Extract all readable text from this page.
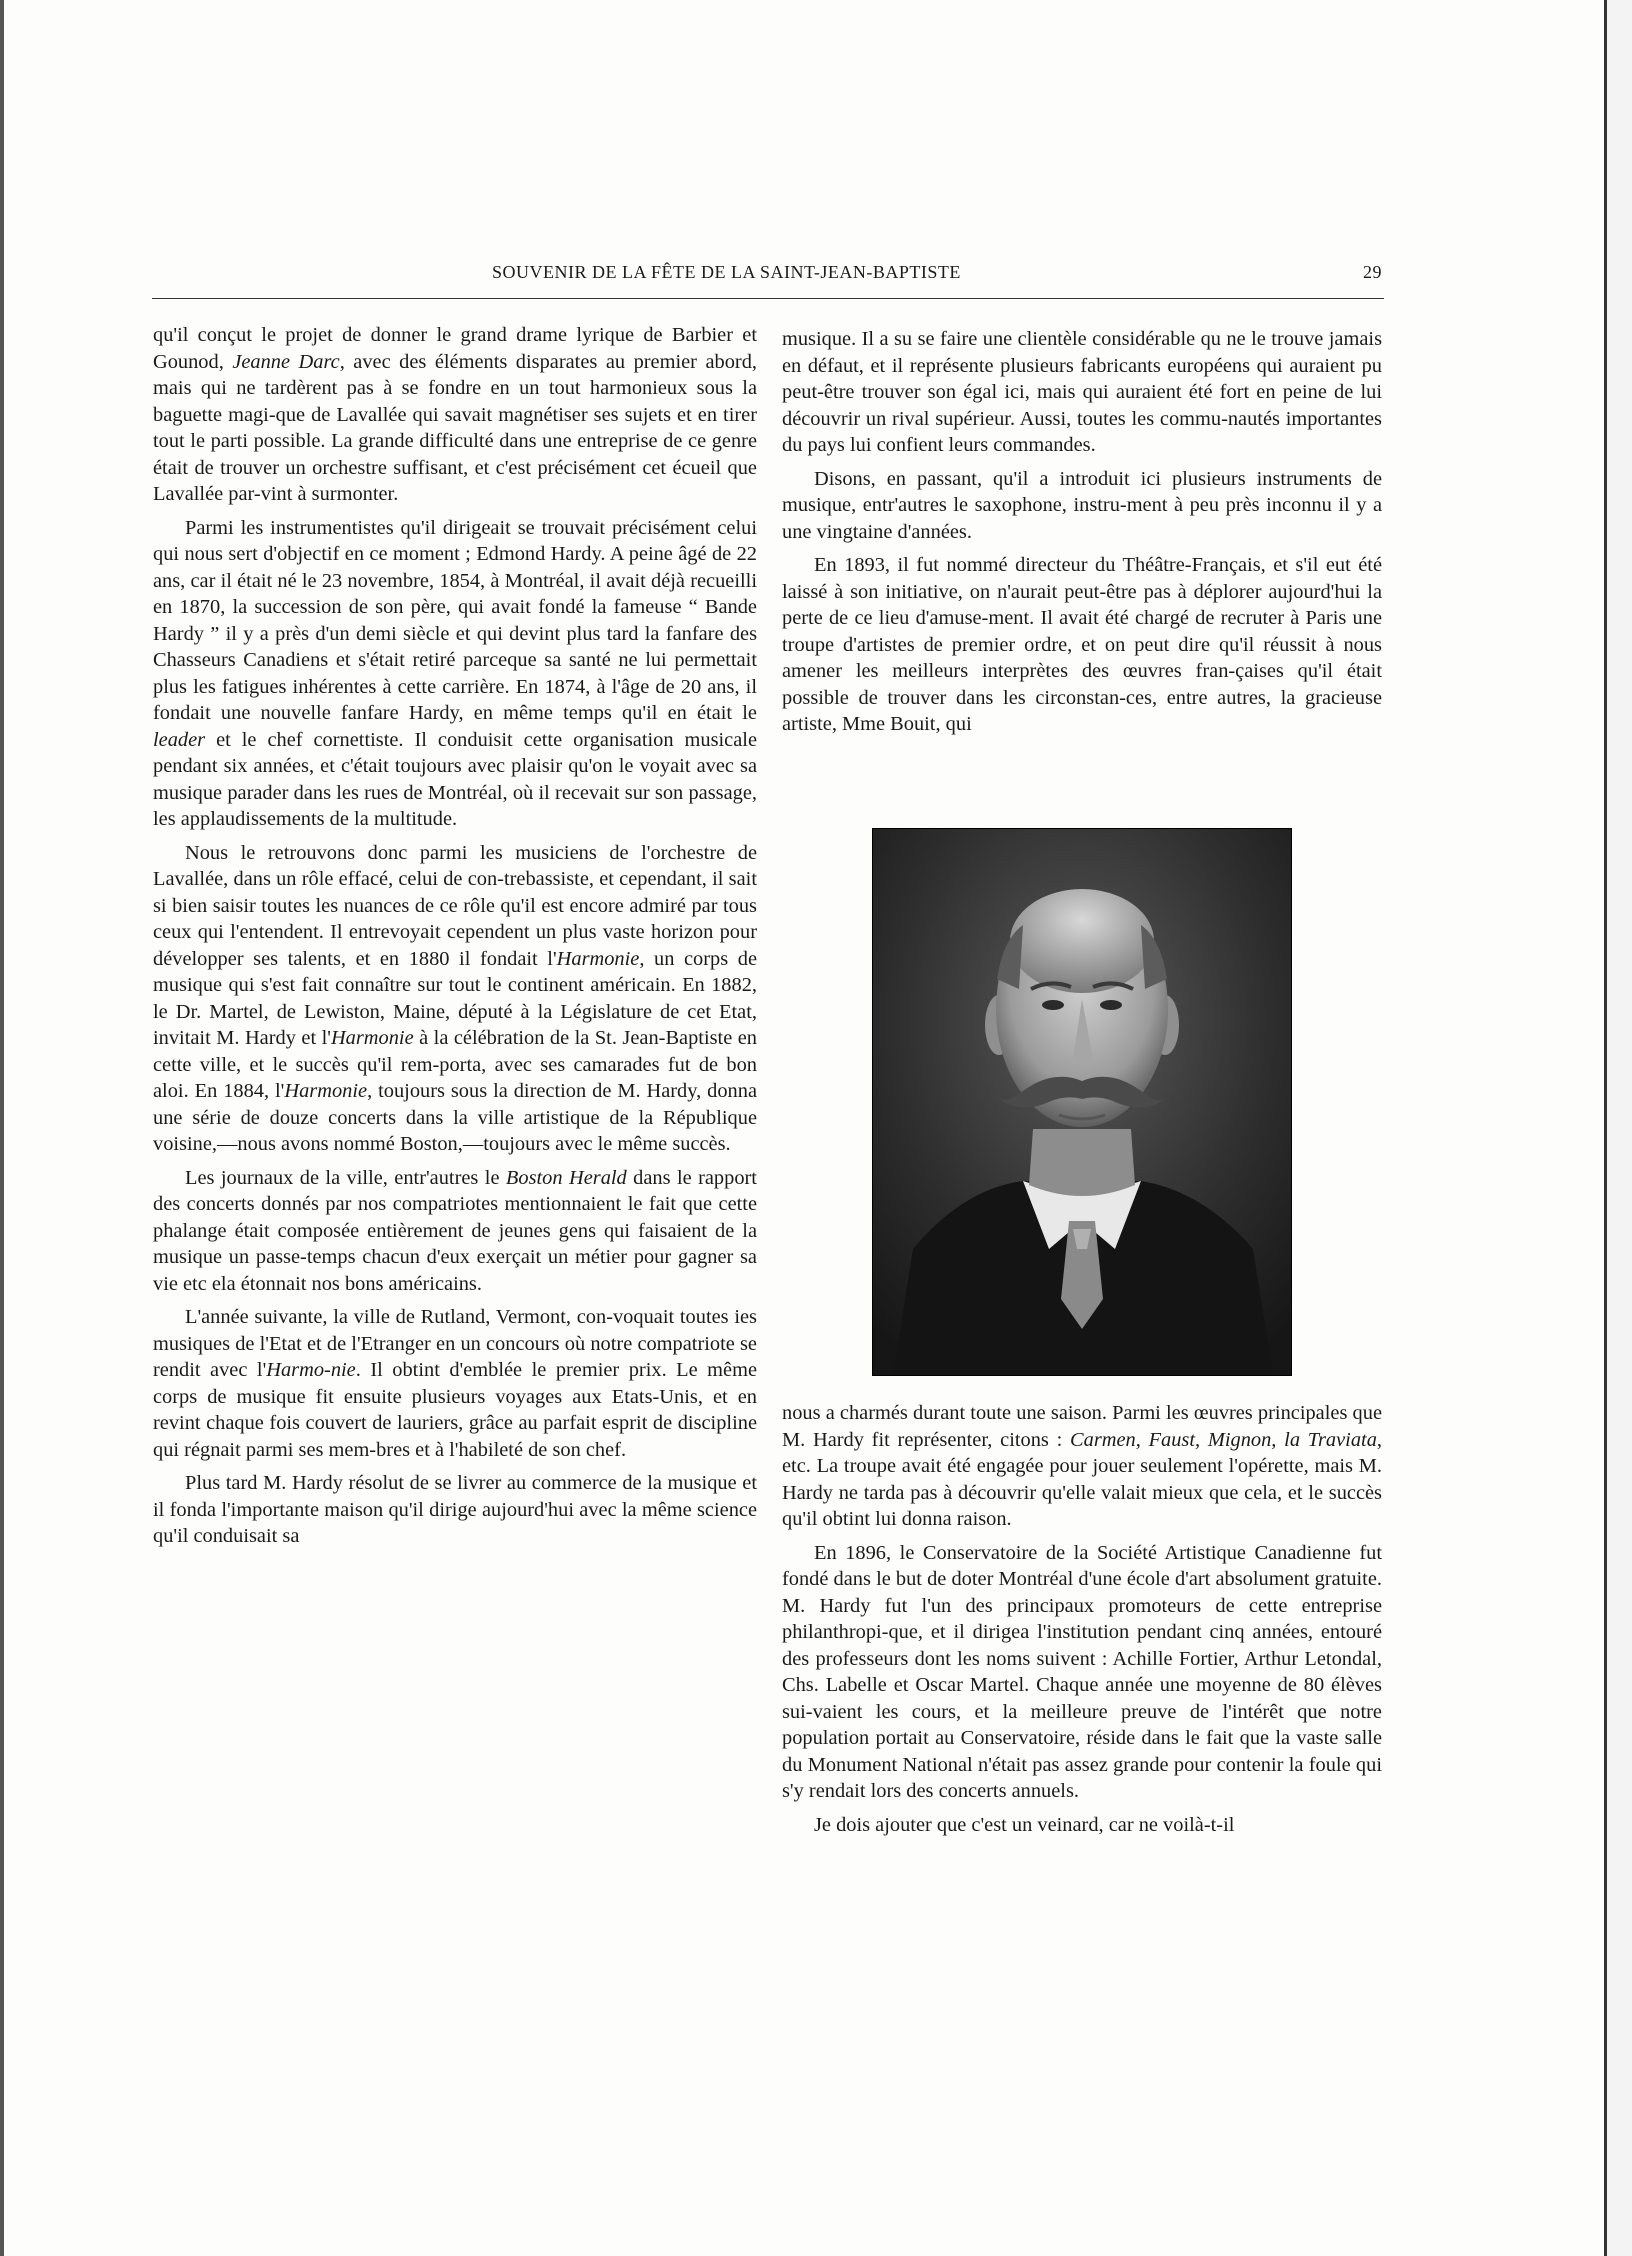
SOUVENIR DE LA FÊTE DE LA SAINT-JEAN-BAPTISTE	29

qu'il conçut le projet de donner le grand drame lyrique de Barbier et Gounod, Jeanne Darc, avec des éléments disparates au premier abord, mais qui ne tardèrent pas à se fondre en un tout harmonieux sous la baguette magi-que de Lavallée qui savait magnétiser ses sujets et en tirer tout le parti possible. La grande difficulté dans une entreprise de ce genre était de trouver un orchestre suffisant, et c'est précisément cet écueil que Lavallée par-vint à surmonter.

Parmi les instrumentistes qu'il dirigeait se trouvait précisément celui qui nous sert d'objectif en ce moment ; Edmond Hardy. A peine âgé de 22 ans, car il était né le 23 novembre, 1854, à Montréal, il avait déjà recueilli en 1870, la succession de son père, qui avait fondé la fameuse “ Bande Hardy ” il y a près d'un demi siècle et qui devint plus tard la fanfare des Chasseurs Canadiens et s'était retiré parceque sa santé ne lui permettait plus les fatigues inhérentes à cette carrière. En 1874, à l'âge de 20 ans, il fondait une nouvelle fanfare Hardy, en même temps qu'il en était le leader et le chef cornettiste. Il conduisit cette organisation musicale pendant six années, et c'était toujours avec plaisir qu'on le voyait avec sa musique parader dans les rues de Montréal, où il recevait sur son passage, les applaudissements de la multitude.

Nous le retrouvons donc parmi les musiciens de l'orchestre de Lavallée, dans un rôle effacé, celui de con-trebassiste, et cependant, il sait si bien saisir toutes les nuances de ce rôle qu'il est encore admiré par tous ceux qui l'entendent. Il entrevoyait cependent un plus vaste horizon pour développer ses talents, et en 1880 il fondait l'Harmonie, un corps de musique qui s'est fait connaître sur tout le continent américain. En 1882, le Dr. Martel, de Lewiston, Maine, député à la Législature de cet Etat, invitait M. Hardy et l'Harmonie à la célébration de la St. Jean-Baptiste en cette ville, et le succès qu'il rem-porta, avec ses camarades fut de bon aloi. En 1884, l'Harmonie, toujours sous la direction de M. Hardy, donna une série de douze concerts dans la ville artistique de la République voisine,—nous avons nommé Boston,—toujours avec le même succès.

Les journaux de la ville, entr'autres le Boston Herald dans le rapport des concerts donnés par nos compatriotes mentionnaient le fait que cette phalange était composée entièrement de jeunes gens qui faisaient de la musique un passe-temps chacun d'eux exerçait un métier pour gagner sa vie etc ela étonnait nos bons américains.

L'année suivante, la ville de Rutland, Vermont, con-voquait toutes ies musiques de l'Etat et de l'Etranger en un concours où notre compatriote se rendit avec l'Harmo-nie. Il obtint d'emblée le premier prix. Le même corps de musique fit ensuite plusieurs voyages aux Etats-Unis, et en revint chaque fois couvert de lauriers, grâce au parfait esprit de discipline qui régnait parmi ses mem-bres et à l'habileté de son chef.

Plus tard M. Hardy résolut de se livrer au commerce de la musique et il fonda l'importante maison qu'il dirige aujourd'hui avec la même science qu'il conduisait sa

musique. Il a su se faire une clientèle considérable qu ne le trouve jamais en défaut, et il représente plusieurs fabricants européens qui auraient pu peut-être trouver son égal ici, mais qui auraient été fort en peine de lui découvrir un rival supérieur. Aussi, toutes les commu-nautés importantes du pays lui confient leurs commandes.

Disons, en passant, qu'il a introduit ici plusieurs instruments de musique, entr'autres le saxophone, instru-ment à peu près inconnu il y a une vingtaine d'années.

En 1893, il fut nommé directeur du Théâtre-Français, et s'il eut été laissé à son initiative, on n'aurait peut-être pas à déplorer aujourd'hui la perte de ce lieu d'amuse-ment. Il avait été chargé de recruter à Paris une troupe d'artistes de premier ordre, et on peut dire qu'il réussit à nous amener les meilleurs interprètes des œuvres fran-çaises qu'il était possible de trouver dans les circonstan-ces, entre autres, la gracieuse artiste, Mme Bouit, qui

nous a charmés durant toute une saison. Parmi les œuvres principales que M. Hardy fit représenter, citons : Carmen, Faust, Mignon, la Traviata, etc. La troupe avait été engagée pour jouer seulement l'opérette, mais M. Hardy ne tarda pas à découvrir qu'elle valait mieux que cela, et le succès qu'il obtint lui donna raison.

En 1896, le Conservatoire de la Société Artistique Canadienne fut fondé dans le but de doter Montréal d'une école d'art absolument gratuite. M. Hardy fut l'un des principaux promoteurs de cette entreprise philanthropi-que, et il dirigea l'institution pendant cinq années, entouré des professeurs dont les noms suivent : Achille Fortier, Arthur Letondal, Chs. Labelle et Oscar Martel. Chaque année une moyenne de 80 élèves sui-vaient les cours, et la meilleure preuve de l'intérêt que notre population portait au Conservatoire, réside dans le fait que la vaste salle du Monument National n'était pas assez grande pour contenir la foule qui s'y rendait lors des concerts annuels.

Je dois ajouter que c'est un veinard, car ne voilà-t-il
